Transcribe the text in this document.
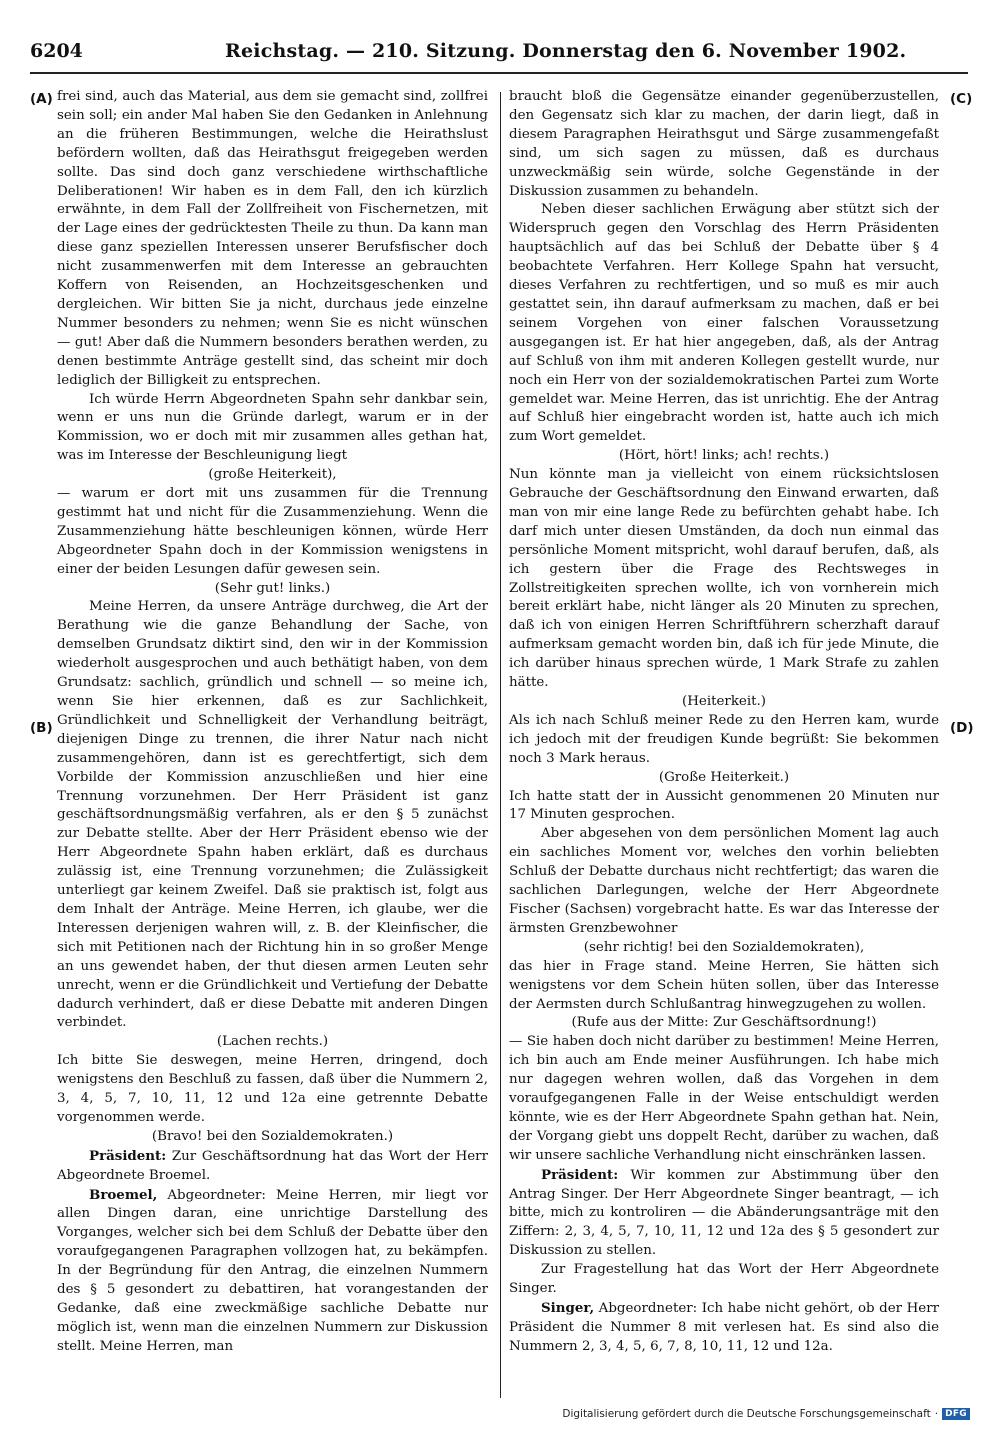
6204	Reichstag. — 210. Sitzung. Donnerstag den 6. November 1902.
(A)
(B)
(C)
(D)

frei sind, auch das Material, aus dem sie gemacht sind, zollfrei sein soll; ein ander Mal haben Sie den Gedanken in Anlehnung an die früheren Bestimmungen, welche die Heirathslust befördern wollten, daß das Heirathsgut freigegeben werden sollte. Das sind doch ganz verschiedene wirthschaftliche Deliberationen! Wir haben es in dem Fall, den ich kürzlich erwähnte, in dem Fall der Zollfreiheit von Fischernetzen, mit der Lage eines der gedrücktesten Theile zu thun. Da kann man diese ganz speziellen Interessen unserer Berufsfischer doch nicht zusammenwerfen mit dem Interesse an gebrauchten Koffern von Reisenden, an Hochzeitsgeschenken und dergleichen. Wir bitten Sie ja nicht, durchaus jede einzelne Nummer besonders zu nehmen; wenn Sie es nicht wünschen — gut! Aber daß die Nummern besonders berathen werden, zu denen bestimmte Anträge gestellt sind, das scheint mir doch lediglich der Billigkeit zu entsprechen.

Ich würde Herrn Abgeordneten Spahn sehr dankbar sein, wenn er uns nun die Gründe darlegt, warum er in der Kommission, wo er doch mit mir zusammen alles gethan hat, was im Interesse der Beschleunigung liegt

(große Heiterkeit),

— warum er dort mit uns zusammen für die Trennung gestimmt hat und nicht für die Zusammenziehung. Wenn die Zusammenziehung hätte beschleunigen können, würde Herr Abgeordneter Spahn doch in der Kommission wenigstens in einer der beiden Lesungen dafür gewesen sein.

(Sehr gut! links.)

Meine Herren, da unsere Anträge durchweg, die Art der Berathung wie die ganze Behandlung der Sache, von demselben Grundsatz diktirt sind, den wir in der Kommission wiederholt ausgesprochen und auch bethätigt haben, von dem Grundsatz: sachlich, gründlich und schnell — so meine ich, wenn Sie hier erkennen, daß es zur Sachlichkeit, Gründlichkeit und Schnelligkeit der Verhandlung beiträgt, diejenigen Dinge zu trennen, die ihrer Natur nach nicht zusammengehören, dann ist es gerechtfertigt, sich dem Vorbilde der Kommission anzuschließen und hier eine Trennung vorzunehmen. Der Herr Präsident ist ganz geschäftsordnungsmäßig verfahren, als er den § 5 zunächst zur Debatte stellte. Aber der Herr Präsident ebenso wie der Herr Abgeordnete Spahn haben erklärt, daß es durchaus zulässig ist, eine Trennung vorzunehmen; die Zulässigkeit unterliegt gar keinem Zweifel. Daß sie praktisch ist, folgt aus dem Inhalt der Anträge. Meine Herren, ich glaube, wer die Interessen derjenigen wahren will, z. B. der Kleinfischer, die sich mit Petitionen nach der Richtung hin in so großer Menge an uns gewendet haben, der thut diesen armen Leuten sehr unrecht, wenn er die Gründlichkeit und Vertiefung der Debatte dadurch verhindert, daß er diese Debatte mit anderen Dingen verbindet.

(Lachen rechts.)

Ich bitte Sie deswegen, meine Herren, dringend, doch wenigstens den Beschluß zu fassen, daß über die Nummern 2, 3, 4, 5, 7, 10, 11, 12 und 12a eine getrennte Debatte vorgenommen werde.

(Bravo! bei den Sozialdemokraten.)

Präsident: Zur Geschäftsordnung hat das Wort der Herr Abgeordnete Broemel.

Broemel, Abgeordneter: Meine Herren, mir liegt vor allen Dingen daran, eine unrichtige Darstellung des Vorganges, welcher sich bei dem Schluß der Debatte über den voraufgegangenen Paragraphen vollzogen hat, zu bekämpfen. In der Begründung für den Antrag, die einzelnen Nummern des § 5 gesondert zu debattiren, hat vorangestanden der Gedanke, daß eine zweckmäßige sachliche Debatte nur möglich ist, wenn man die einzelnen Nummern zur Diskussion stellt. Meine Herren, man

braucht bloß die Gegensätze einander gegenüberzustellen, den Gegensatz sich klar zu machen, der darin liegt, daß in diesem Paragraphen Heirathsgut und Särge zusammengefaßt sind, um sich sagen zu müssen, daß es durchaus unzweckmäßig sein würde, solche Gegenstände in der Diskussion zusammen zu behandeln.

Neben dieser sachlichen Erwägung aber stützt sich der Widerspruch gegen den Vorschlag des Herrn Präsidenten hauptsächlich auf das bei Schluß der Debatte über § 4 beobachtete Verfahren. Herr Kollege Spahn hat versucht, dieses Verfahren zu rechtfertigen, und so muß es mir auch gestattet sein, ihn darauf aufmerksam zu machen, daß er bei seinem Vorgehen von einer falschen Voraussetzung ausgegangen ist. Er hat hier angegeben, daß, als der Antrag auf Schluß von ihm mit anderen Kollegen gestellt wurde, nur noch ein Herr von der sozialdemokratischen Partei zum Worte gemeldet war. Meine Herren, das ist unrichtig. Ehe der Antrag auf Schluß hier eingebracht worden ist, hatte auch ich mich zum Wort gemeldet.

(Hört, hört! links; ach! rechts.)

Nun könnte man ja vielleicht von einem rücksichtslosen Gebrauche der Geschäftsordnung den Einwand erwarten, daß man von mir eine lange Rede zu befürchten gehabt habe. Ich darf mich unter diesen Umständen, da doch nun einmal das persönliche Moment mitspricht, wohl darauf berufen, daß, als ich gestern über die Frage des Rechtsweges in Zollstreitigkeiten sprechen wollte, ich von vornherein mich bereit erklärt habe, nicht länger als 20 Minuten zu sprechen, daß ich von einigen Herren Schriftführern scherzhaft darauf aufmerksam gemacht worden bin, daß ich für jede Minute, die ich darüber hinaus sprechen würde, 1 Mark Strafe zu zahlen hätte.

(Heiterkeit.)

Als ich nach Schluß meiner Rede zu den Herren kam, wurde ich jedoch mit der freudigen Kunde begrüßt: Sie bekommen noch 3 Mark heraus.

(Große Heiterkeit.)

Ich hatte statt der in Aussicht genommenen 20 Minuten nur 17 Minuten gesprochen.

Aber abgesehen von dem persönlichen Moment lag auch ein sachliches Moment vor, welches den vorhin beliebten Schluß der Debatte durchaus nicht rechtfertigt; das waren die sachlichen Darlegungen, welche der Herr Abgeordnete Fischer (Sachsen) vorgebracht hatte. Es war das Interesse der ärmsten Grenzbewohner

(sehr richtig! bei den Sozialdemokraten),

das hier in Frage stand. Meine Herren, Sie hätten sich wenigstens vor dem Schein hüten sollen, über das Interesse der Aermsten durch Schlußantrag hinwegzugehen zu wollen.

(Rufe aus der Mitte: Zur Geschäftsordnung!)

— Sie haben doch nicht darüber zu bestimmen! Meine Herren, ich bin auch am Ende meiner Ausführungen. Ich habe mich nur dagegen wehren wollen, daß das Vorgehen in dem voraufgegangenen Falle in der Weise entschuldigt werden könnte, wie es der Herr Abgeordnete Spahn gethan hat. Nein, der Vorgang giebt uns doppelt Recht, darüber zu wachen, daß wir unsere sachliche Verhandlung nicht einschränken lassen.

Präsident: Wir kommen zur Abstimmung über den Antrag Singer. Der Herr Abgeordnete Singer beantragt, — ich bitte, mich zu kontroliren — die Abänderungsanträge mit den Ziffern: 2, 3, 4, 5, 7, 10, 11, 12 und 12a des § 5 gesondert zur Diskussion zu stellen.

Zur Fragestellung hat das Wort der Herr Abgeordnete Singer.

Singer, Abgeordneter: Ich habe nicht gehört, ob der Herr Präsident die Nummer 8 mit verlesen hat. Es sind also die Nummern 2, 3, 4, 5, 6, 7, 8, 10, 11, 12 und 12a.

Digitalisierung gefördert durch die Deutsche Forschungsgemeinschaft · DFG
